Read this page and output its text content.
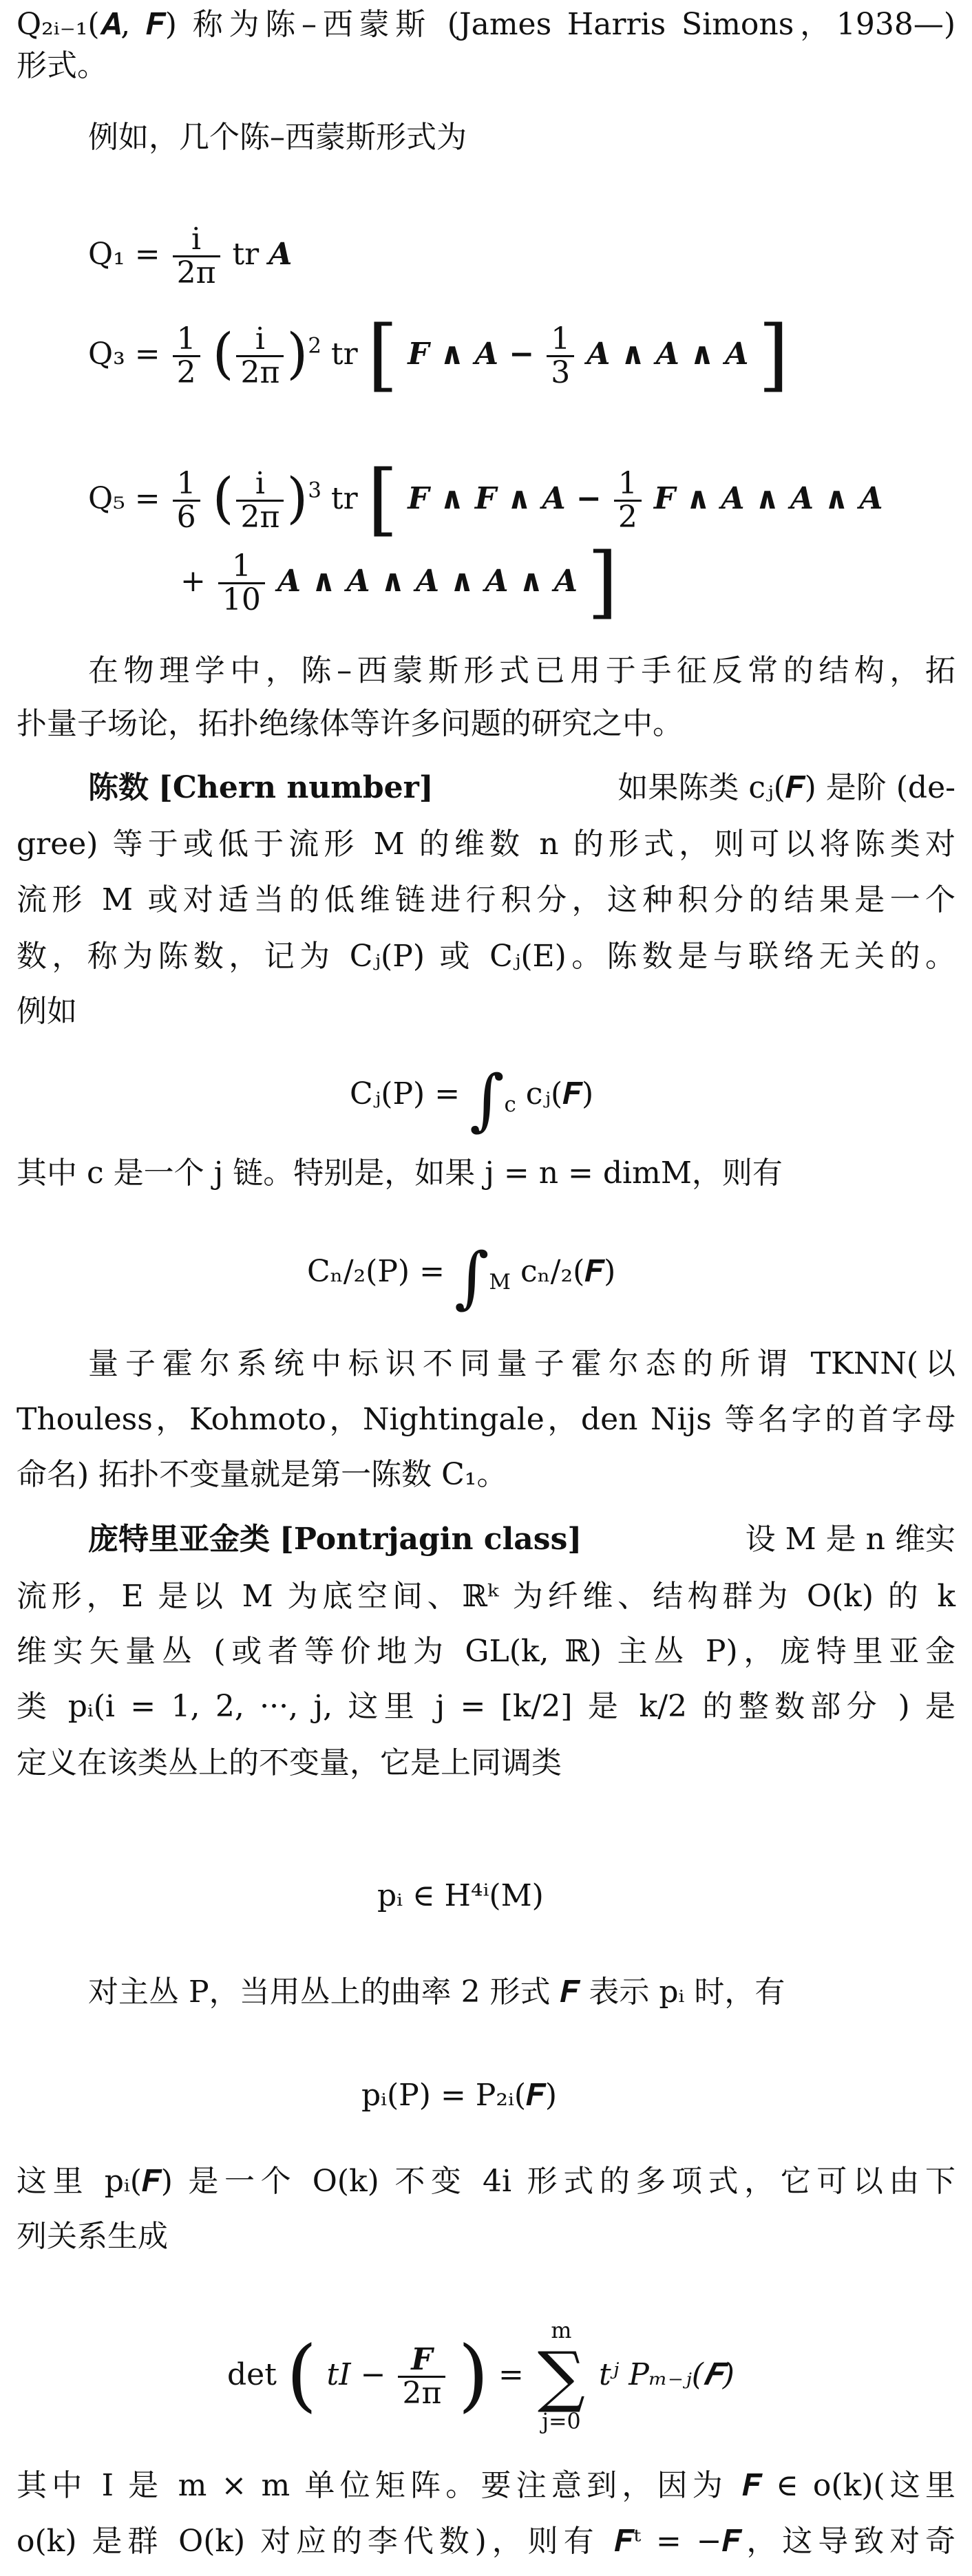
Q₂ᵢ₋₁(𝑨, 𝑭) 称为陈–西蒙斯 (James Harris Simons，1938—)
形式。
例如，几个陈–西蒙斯形式为
$Q_1 = \frac{i}{2\pi}$ tr 𝑨
$Q_3 = \frac{1}{2}$ ( $\frac{i}{2\pi} )^2$ tr [ 𝑭 ∧ 𝑨 − $\frac{1}{3}$ 𝑨 ∧ 𝑨 ∧ 𝑨 ]
$Q_5 = \frac{1}{6}$ ( $\frac{i}{2\pi} )^3$ tr [ 𝑭 ∧ 𝑭 ∧ 𝑨 − $\frac{1}{2}$ 𝑭 ∧ 𝑨 ∧ 𝑨 ∧ 𝑨
+ $\frac{1}{10}$ 𝑨 ∧ 𝑨 ∧ 𝑨 ∧ 𝑨 ∧ 𝑨 ]
在物理学中，陈–西蒙斯形式已用于手征反常的结构，拓
扑量子场论，拓扑绝缘体等许多问题的研究之中。
陈数 [Chern number]	如果陈类 cⱼ(𝑭) 是阶 (de-
gree) 等于或低于流形 M 的维数 n 的形式，则可以将陈类对
流形 M 或对适当的低维链进行积分，这种积分的结果是一个
数，称为陈数，记为 Cⱼ(P) 或 Cⱼ(E)。陈数是与联络无关的。
例如
Cⱼ(P) = $\int_c$ cⱼ(𝑭)
其中 c 是一个 j 链。特别是，如果 j = n = dimM，则有
$C_n/_2(P) = \int_M$ cₙ/₂(𝑭)
量子霍尔系统中标识不同量子霍尔态的所谓 TKNN(以
Thouless，Kohmoto，Nightingale，den Nijs 等名字的首字母
命名) 拓扑不变量就是第一陈数 C₁。
庞特里亚金类 [Pontrjagin class]	设 M 是 n 维实
流形，E 是以 M 为底空间、ℝᵏ 为纤维、结构群为 O(k) 的 k
维实矢量丛 (或者等价地为 GL(k, ℝ) 主丛 P)，庞特里亚金
类 pᵢ(i = 1, 2, ···, j, 这里 j = [k/2] 是 k/2 的整数部分 ) 是
定义在该类丛上的不变量，它是上同调类
pᵢ ∈ H⁴ⁱ(M)
对主丛 P，当用丛上的曲率 2 形式 𝑭 表示 pᵢ 时，有
pᵢ(P) = P₂ᵢ(𝑭)
这里 pᵢ(𝑭) 是一个 O(k) 不变 4i 形式的多项式，它可以由下
列关系生成
det ( tI − $\frac{\text{𝑭}}{2\pi}$ ) =
m
∑
j=0
tʲ Pₘ₋ⱼ(𝑭)
其中 I 是 m × m 单位矩阵。要注意到，因为 𝑭 ∈ o(k)(这里
o(k) 是群 O(k) 对应的李代数)，则有 𝑭ᵗ = −𝑭，这导致对奇
